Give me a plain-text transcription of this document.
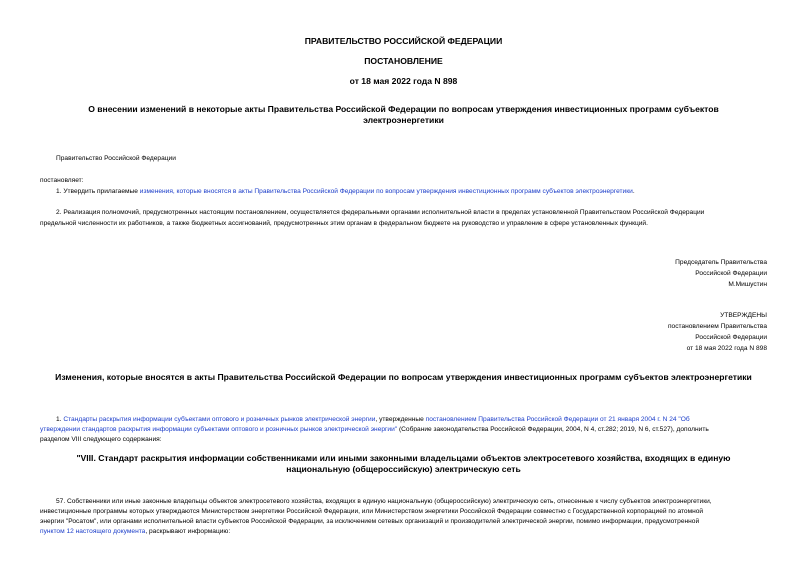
ПРАВИТЕЛЬСТВО РОССИЙСКОЙ ФЕДЕРАЦИИ
ПОСТАНОВЛЕНИЕ
от 18 мая 2022 года N 898
О внесении изменений в некоторые акты Правительства Российской Федерации по вопросам утверждения инвестиционных программ субъектов
электроэнергетики
Правительство Российской Федерации
постановляет:
1. Утвердить прилагаемые изменения, которые вносятся в акты Правительства Российской Федерации по вопросам утверждения инвестиционных программ субъектов электроэнергетики.
2. Реализация полномочий, предусмотренных настоящим постановлением, осуществляется федеральными органами исполнительной власти в пределах установленной Правительством Российской Федерации
предельной численности их работников, а также бюджетных ассигнований, предусмотренных этим органам в федеральном бюджете на руководство и управление в сфере установленных функций.
Председатель Правительства
Российской Федерации
М.Мишустин
УТВЕРЖДЕНЫ
постановлением Правительства
Российской Федерации
от 18 мая 2022 года N 898
Изменения, которые вносятся в акты Правительства Российской Федерации по вопросам утверждения инвестиционных программ субъектов электроэнергетики
1. Стандарты раскрытия информации субъектами оптового и розничных рынков электрической энергии, утвержденные постановлением Правительства Российской Федерации от 21 января 2004 г. N 24 "Об
утверждении стандартов раскрытия информации субъектами оптового и розничных рынков электрической энергии" (Собрание законодательства Российской Федерации, 2004, N 4, ст.282; 2019, N 6, ст.527), дополнить
разделом VIII следующего содержания:
"VIII. Стандарт раскрытия информации собственниками или иными законными владельцами объектов электросетевого хозяйства, входящих в единую
национальную (общероссийскую) электрическую сеть
57. Собственники или иные законные владельцы объектов электросетевого хозяйства, входящих в единую национальную (общероссийскую) электрическую сеть, отнесенные к числу субъектов электроэнергетики,
инвестиционные программы которых утверждаются Министерством энергетики Российской Федерации, или Министерством энергетики Российской Федерации совместно с Государственной корпорацией по атомной
энергии "Росатом", или органами исполнительной власти субъектов Российской Федерации, за исключением сетевых организаций и производителей электрической энергии, помимо информации, предусмотренной
пунктом 12 настоящего документа, раскрывают информацию:
